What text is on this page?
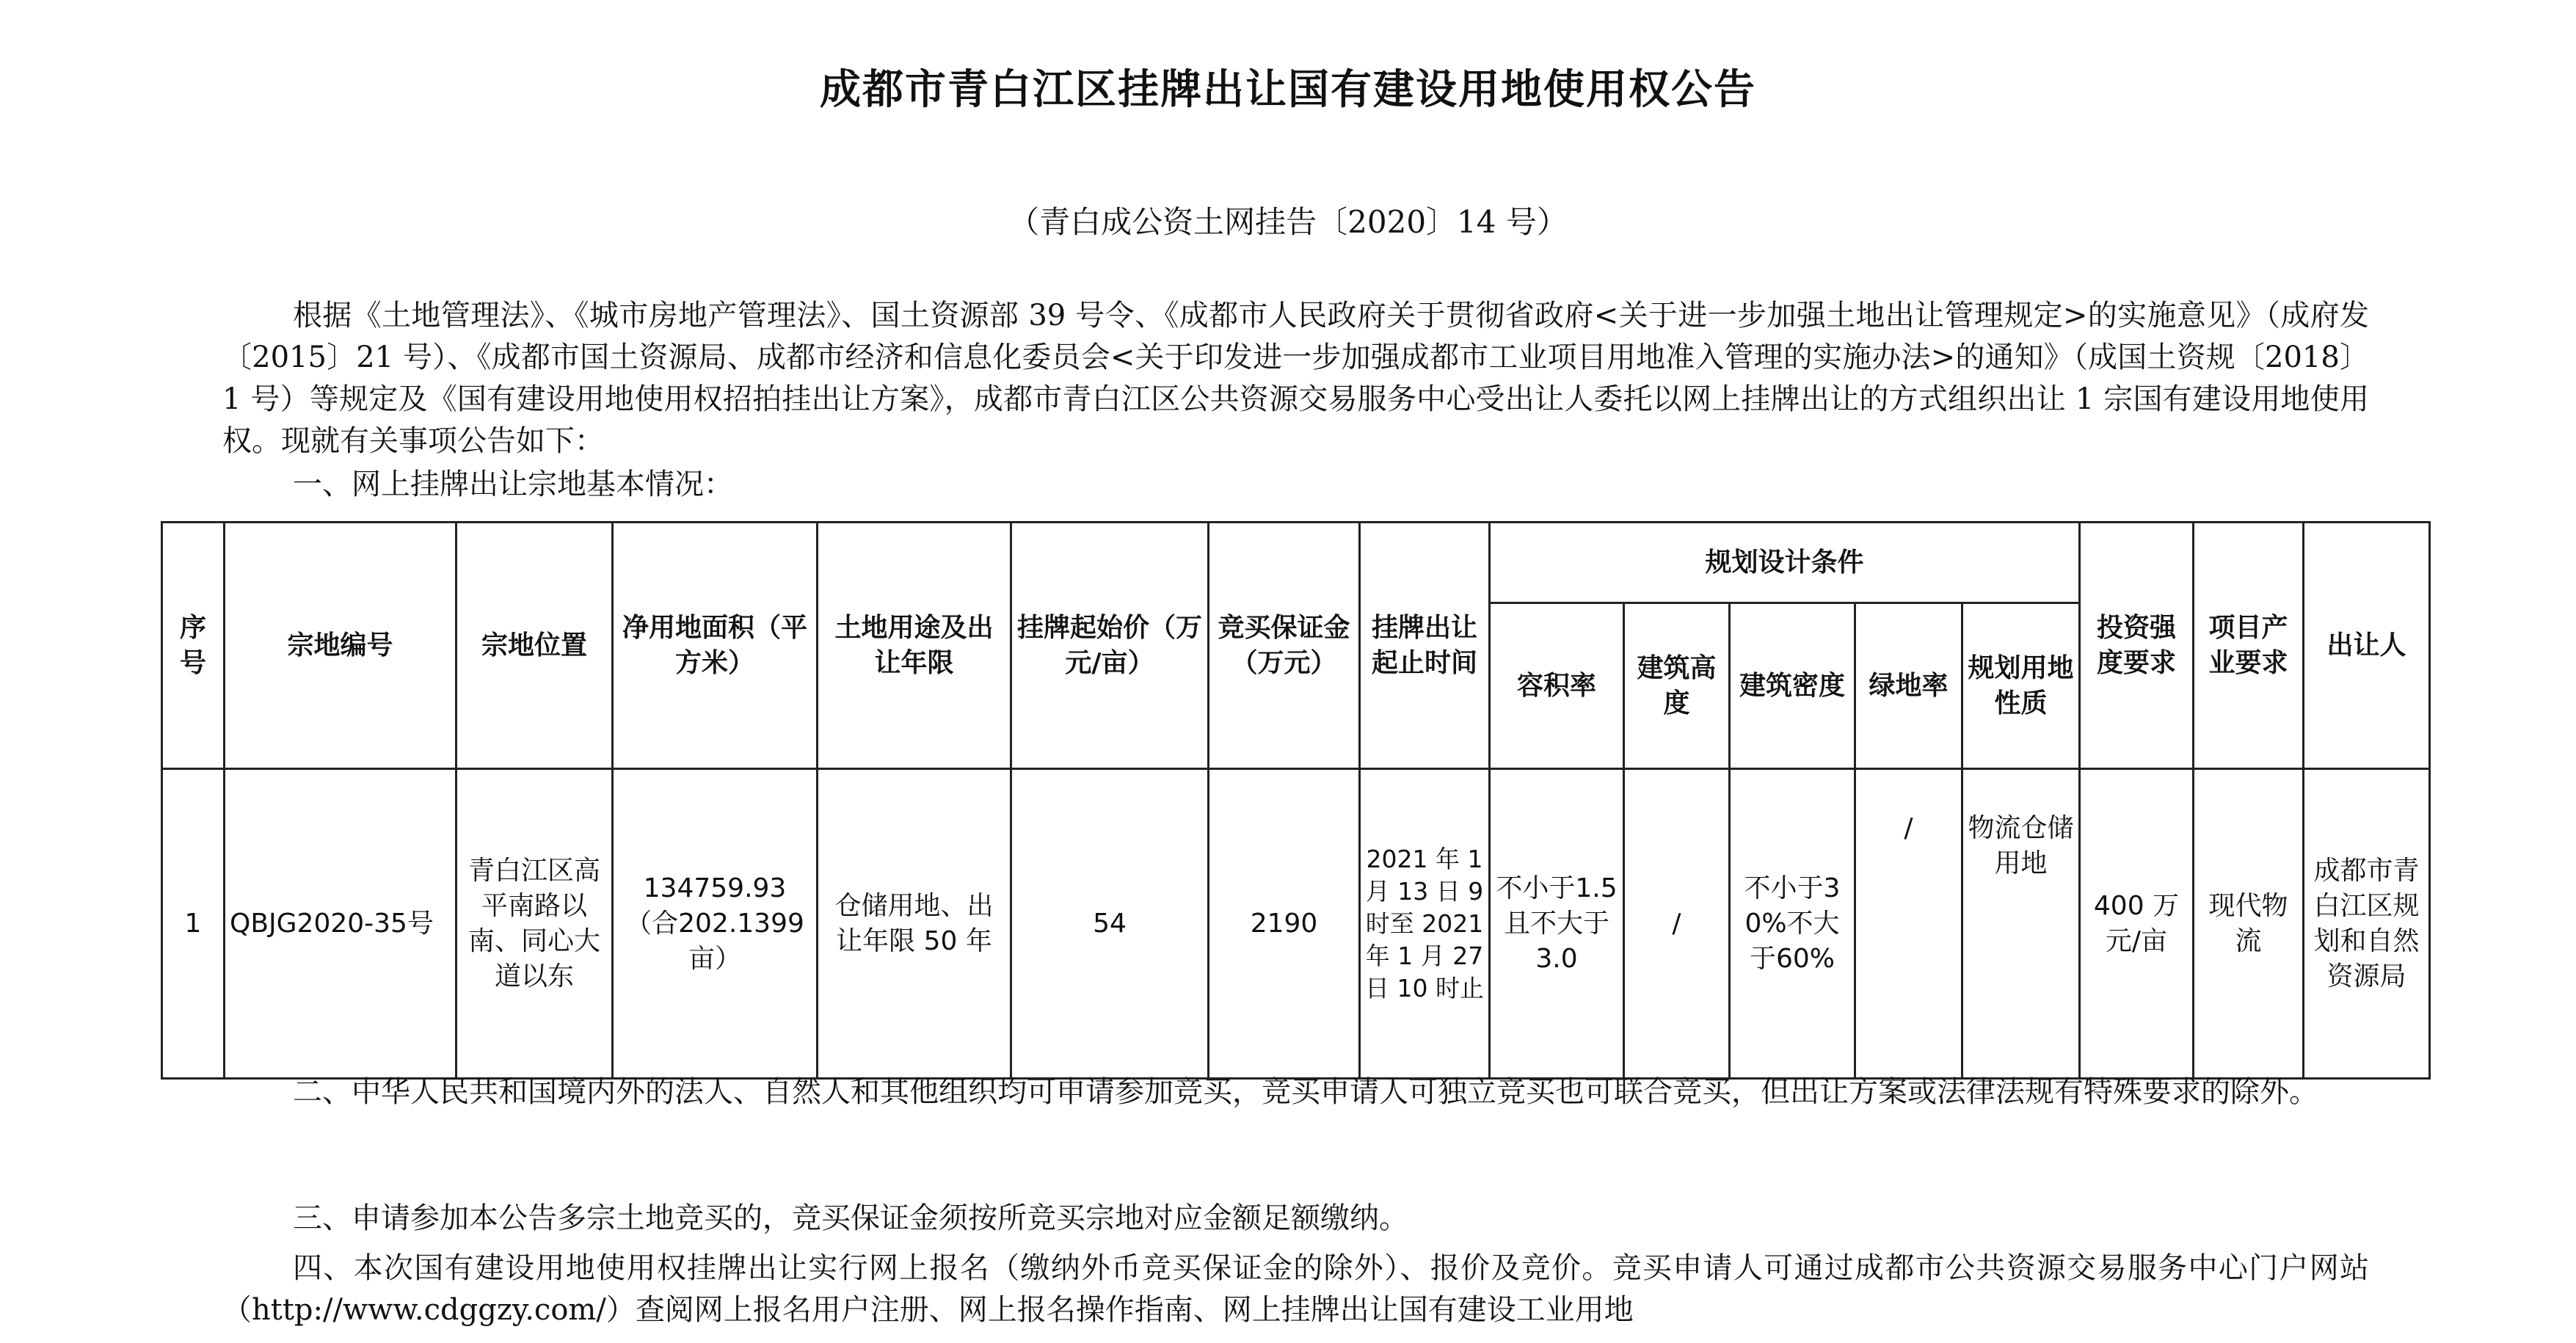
成都市青白江区挂牌出让国有建设用地使用权公告
（青白成公资土网挂告〔2020〕14 号）

根据《土地管理法》、《城市房地产管理法》、国土资源部 39 号令、《成都市人民政府关于贯彻省政府<关于进一步加强土地出让管理规定>的实施意见》（成府发〔2015〕21 号）、《成都市国土资源局、成都市经济和信息化委员会<关于印发进一步加强成都市工业项目用地准入管理的实施办法>的通知》（成国土资规〔2018〕1 号）等规定及《国有建设用地使用权招拍挂出让方案》，成都市青白江区公共资源交易服务中心受出让人委托以网上挂牌出让的方式组织出让 1 宗国有建设用地使用权。现就有关事项公告如下：

一、网上挂牌出让宗地基本情况：

序号	宗地编号	宗地位置	净用地面积（平方米）	土地用途及出让年限	挂牌起始价（万元/亩）	竞买保证金（万元）	挂牌出让起止时间	规划设计条件					投资强度要求	项目产业要求	出让人
								容积率	建筑高度	建筑密度	绿地率	规划用地性质			
1	QBJG2020-35号	青白江区高平南路以南、同心大道以东	134759.93（合202.1399亩）	仓储用地、出让年限 50 年	54	2190	2021 年 1 月 13 日 9 时至 2021 年 1 月 27 日 10 时止	不小于1.5且不大于3.0	/	不小于30%不大于60%	/	物流仓储用地	400 万元/亩	现代物流	成都市青白江区规划和自然资源局

二、中华人民共和国境内外的法人、自然人和其他组织均可申请参加竞买，竞买申请人可独立竞买也可联合竞买，但出让方案或法律法规有特殊要求的除外。

三、申请参加本公告多宗土地竞买的，竞买保证金须按所竞买宗地对应金额足额缴纳。

四、本次国有建设用地使用权挂牌出让实行网上报名（缴纳外币竞买保证金的除外）、报价及竞价。竞买申请人可通过成都市公共资源交易服务中心门户网站（http://www.cdggzy.com/）查阅网上报名用户注册、网上报名操作指南、网上挂牌出让国有建设工业用地
